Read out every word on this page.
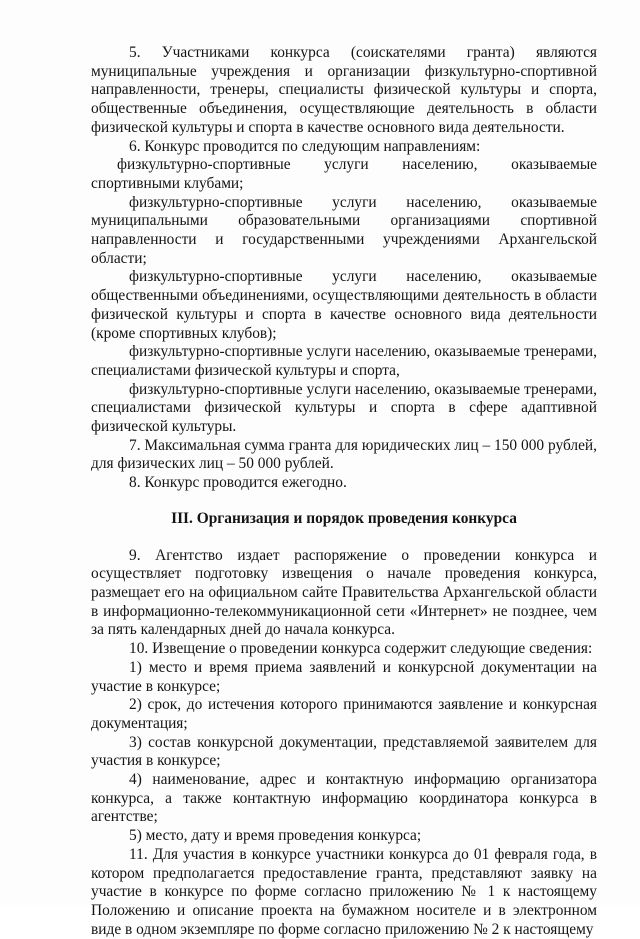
5. Участниками конкурса (соискателями гранта) являются муниципальные учреждения и организации физкультурно-спортивной направленности, тренеры, специалисты физической культуры и спорта, общественные объединения, осуществляющие деятельность в области физической культуры и спорта в качестве основного вида деятельности.

6. Конкурс проводится по следующим направлениям:

физкультурно-спортивные услуги населению, оказываемые спортивными клубами;

физкультурно-спортивные услуги населению, оказываемые муниципальными образовательными организациями спортивной направленности и государственными учреждениями Архангельской области;

физкультурно-спортивные услуги населению, оказываемые общественными объединениями, осуществляющими деятельность в области физической культуры и спорта в качестве основного вида деятельности (кроме спортивных клубов);

физкультурно-спортивные услуги населению, оказываемые тренерами, специалистами физической культуры и спорта,

физкультурно-спортивные услуги населению, оказываемые тренерами, специалистами физической культуры и спорта в сфере адаптивной физической культуры.

7. Максимальная сумма гранта для юридических лиц – 150 000 рублей, для физических лиц – 50 000 рублей.

8. Конкурс проводится ежегодно.

III. Организация и порядок проведения конкурса

9. Агентство издает распоряжение о проведении конкурса и осуществляет подготовку извещения о начале проведения конкурса, размещает его на официальном сайте Правительства Архангельской области в информационно-телекоммуникационной сети «Интернет» не позднее, чем за пять календарных дней до начала конкурса.

10. Извещение о проведении конкурса содержит следующие сведения:

1) место и время приема заявлений и конкурсной документации на участие в конкурсе;

2) срок, до истечения которого принимаются заявление и конкурсная документация;

3) состав конкурсной документации, представляемой заявителем для участия в конкурсе;

4) наименование, адрес и контактную информацию организатора конкурса, а также контактную информацию координатора конкурса в агентстве;

5) место, дату и время проведения конкурса;

11. Для участия в конкурсе участники конкурса до 01 февраля года, в котором предполагается предоставление гранта, представляют заявку на участие в конкурсе по форме согласно приложению № 1 к настоящему Положению и описание проекта на бумажном носителе и в электронном виде в одном экземпляре по форме согласно приложению № 2 к настоящему
